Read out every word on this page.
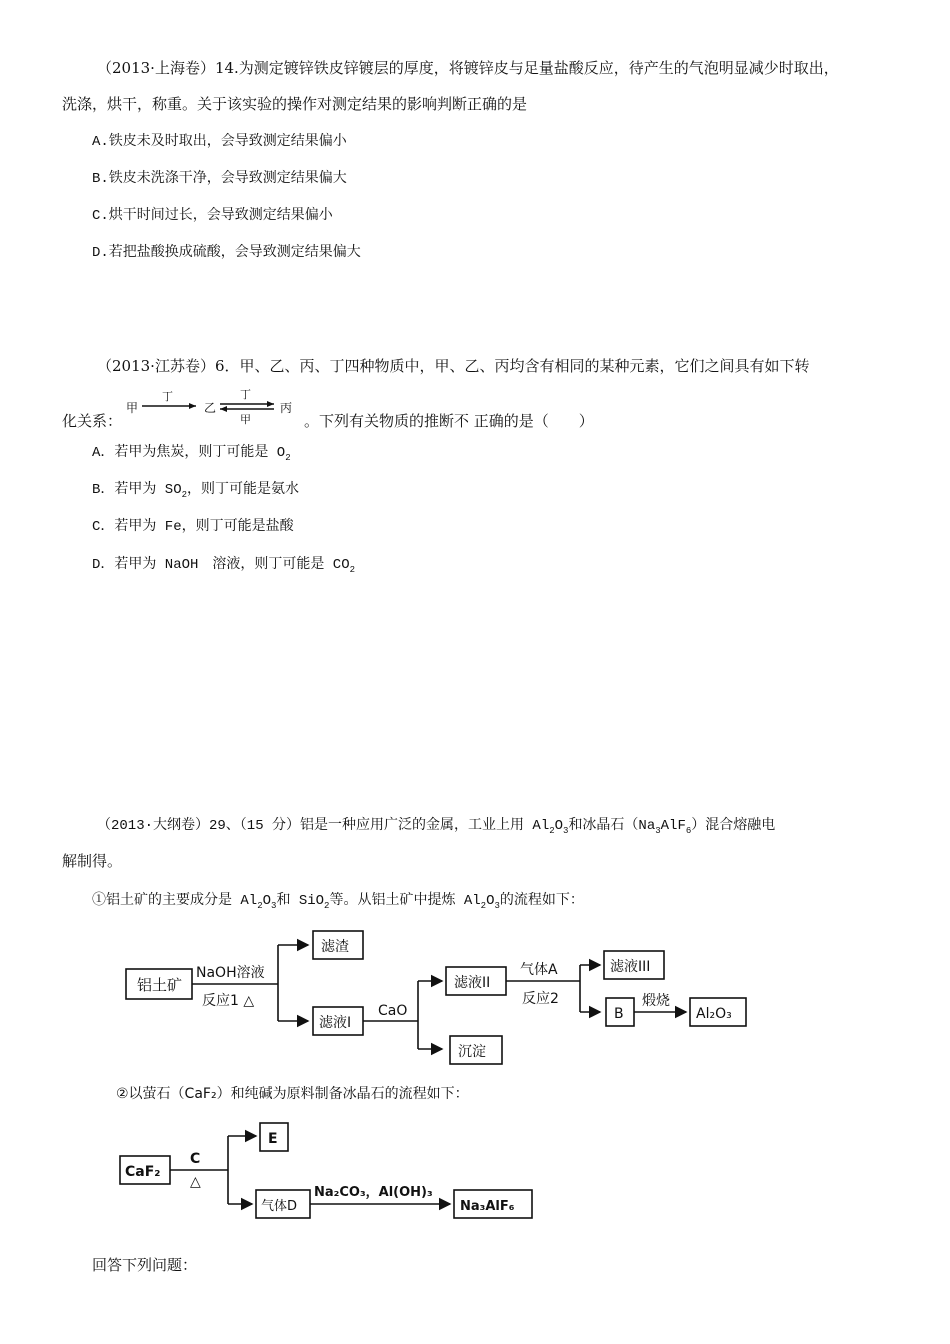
（2013·上海卷）14.为测定镀锌铁皮锌镀层的厚度，将镀锌皮与足量盐酸反应，待产生的气泡明显减少时取出，
洗涤，烘干，称重。关于该实验的操作对测定结果的影响判断正确的是
A.铁皮未及时取出，会导致测定结果偏小
B.铁皮未洗涤干净，会导致测定结果偏大
C.烘干时间过长，会导致测定结果偏小
D.若把盐酸换成硫酸，会导致测定结果偏大
（2013·江苏卷）6．甲、乙、丙、丁四种物质中，甲、乙、丙均含有相同的某种元素，它们之间具有如下转
化关系：
甲	乙	丙
丁	丁
甲	。下列有关物质的推断不 正确的是（　　）
A．若甲为焦炭，则丁可能是 $O_2$
B．若甲为 $SO_2$，则丁可能是氨水
C．若甲为 Fe，则丁可能是盐酸
D．若甲为 NaOH　溶液，则丁可能是 $CO_2$
（2013·大纲卷）29、（15 分）铝是一种应用广泛的金属，工业上用 $Al_2O_3$和冰晶石$(Na_3AlF_6)$混合熔融电
解制得。
①铝土矿的主要成分是 $Al_2O_3$和 SiO$_2$等。从铝土矿中提炼 $Al_2O_3$的流程如下：
铝土矿
NaOH溶液
反应1 △
滤渣
滤液I
CaO
滤液II
沉淀
气体A
反应2
滤液III
B
煅烧
Al₂O₃
②以萤石（CaF₂）和纯碱为原料制备冰晶石的流程如下：
CaF₂
C
△
E
气体D
Na₂CO₃，Al(OH)₃
Na₃AlF₆
回答下列问题：
